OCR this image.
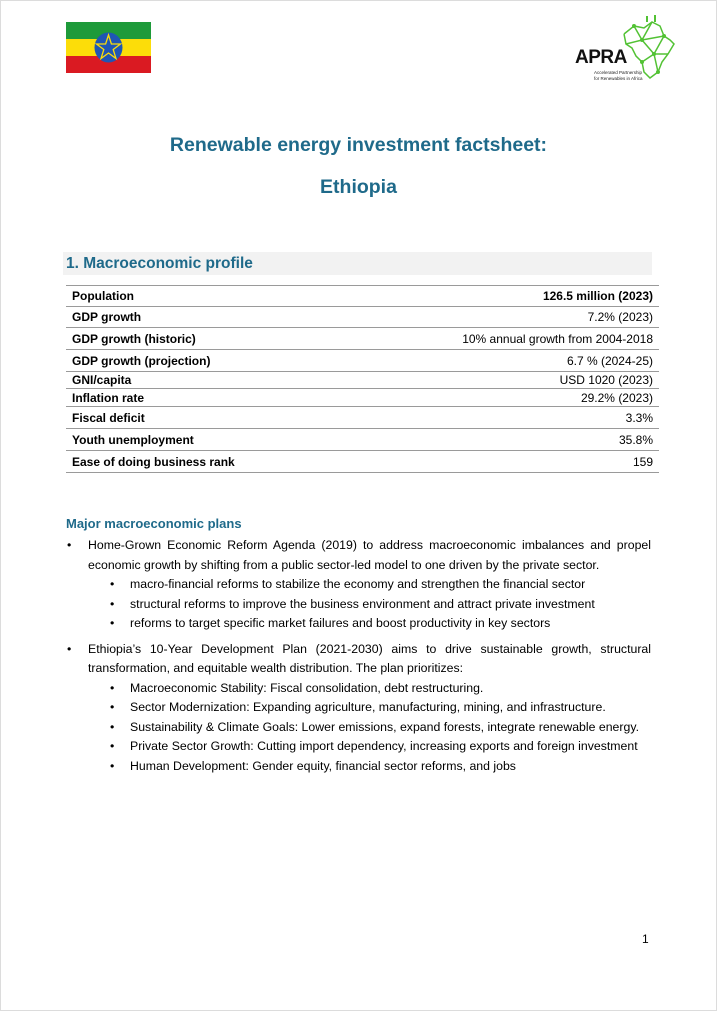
APRA
Accelerated Partnership
for Renewables in Africa
Renewable energy investment factsheet:
Ethiopia
1. Macroeconomic profile
Population	126.5 million (2023)
GDP growth	7.2% (2023)
GDP growth (historic)	10% annual growth from 2004-2018
GDP growth (projection)	6.7 % (2024-25)
GNI/capita	USD 1020 (2023)
Inflation rate	29.2% (2023)
Fiscal deficit	3.3%
Youth unemployment	35.8%
Ease of doing business rank	159
Major macroeconomic plans
• Home-Grown Economic Reform Agenda (2019) to address macroeconomic imbalances and propel economic growth by shifting from a public sector-led model to one driven by the private sector.
• macro-financial reforms to stabilize the economy and strengthen the financial sector
• structural reforms to improve the business environment and attract private investment
• reforms to target specific market failures and boost productivity in key sectors
• Ethiopia’s 10-Year Development Plan (2021-2030) aims to drive sustainable growth, structural transformation, and equitable wealth distribution. The plan prioritizes:
• Macroeconomic Stability: Fiscal consolidation, debt restructuring.
• Sector Modernization: Expanding agriculture, manufacturing, mining, and infrastructure.
• Sustainability & Climate Goals: Lower emissions, expand forests, integrate renewable energy.
• Private Sector Growth: Cutting import dependency, increasing exports and foreign investment
• Human Development: Gender equity, financial sector reforms, and jobs
1
